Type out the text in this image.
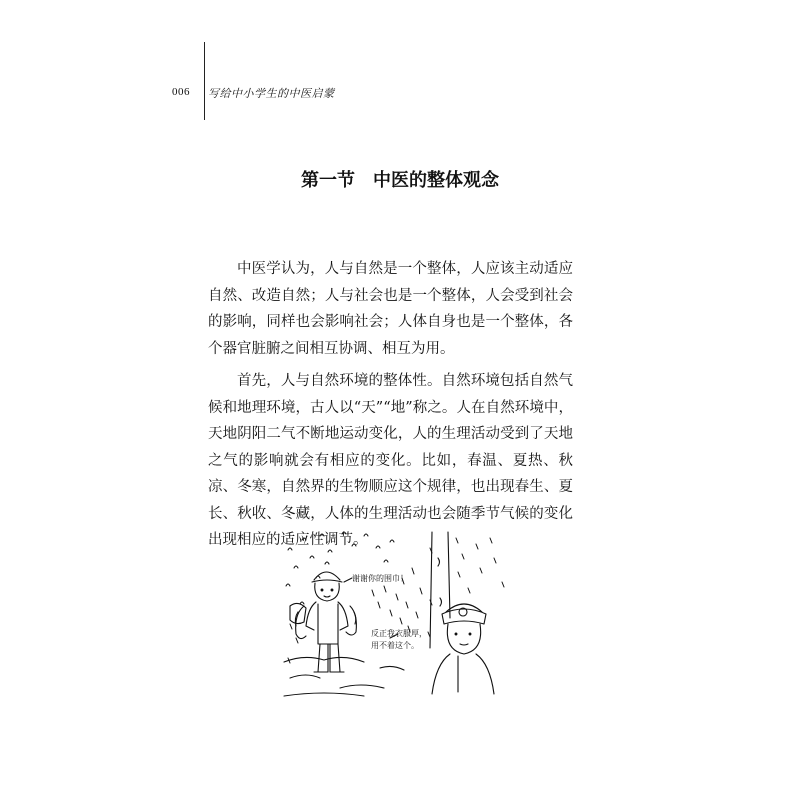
006 写给中小学生的中医启蒙
第一节　中医的整体观念

中医学认为，人与自然是一个整体，人应该主动适应自然、改造自然；人与社会也是一个整体，人会受到社会的影响，同样也会影响社会；人体自身也是一个整体，各个器官脏腑之间相互协调、相互为用。

首先，人与自然环境的整体性。自然环境包括自然气候和地理环境，古人以“天”“地”称之。人在自然环境中，天地阴阳二气不断地运动变化，人的生理活动受到了天地之气的影响就会有相应的变化。比如，春温、夏热、秋凉、冬寒，自然界的生物顺应这个规律，也出现春生、夏长、秋收、冬藏，人体的生理活动也会随季节气候的变化出现相应的适应性调节。

谢谢你的围巾！
反正我衣服厚，
用不着这个。
